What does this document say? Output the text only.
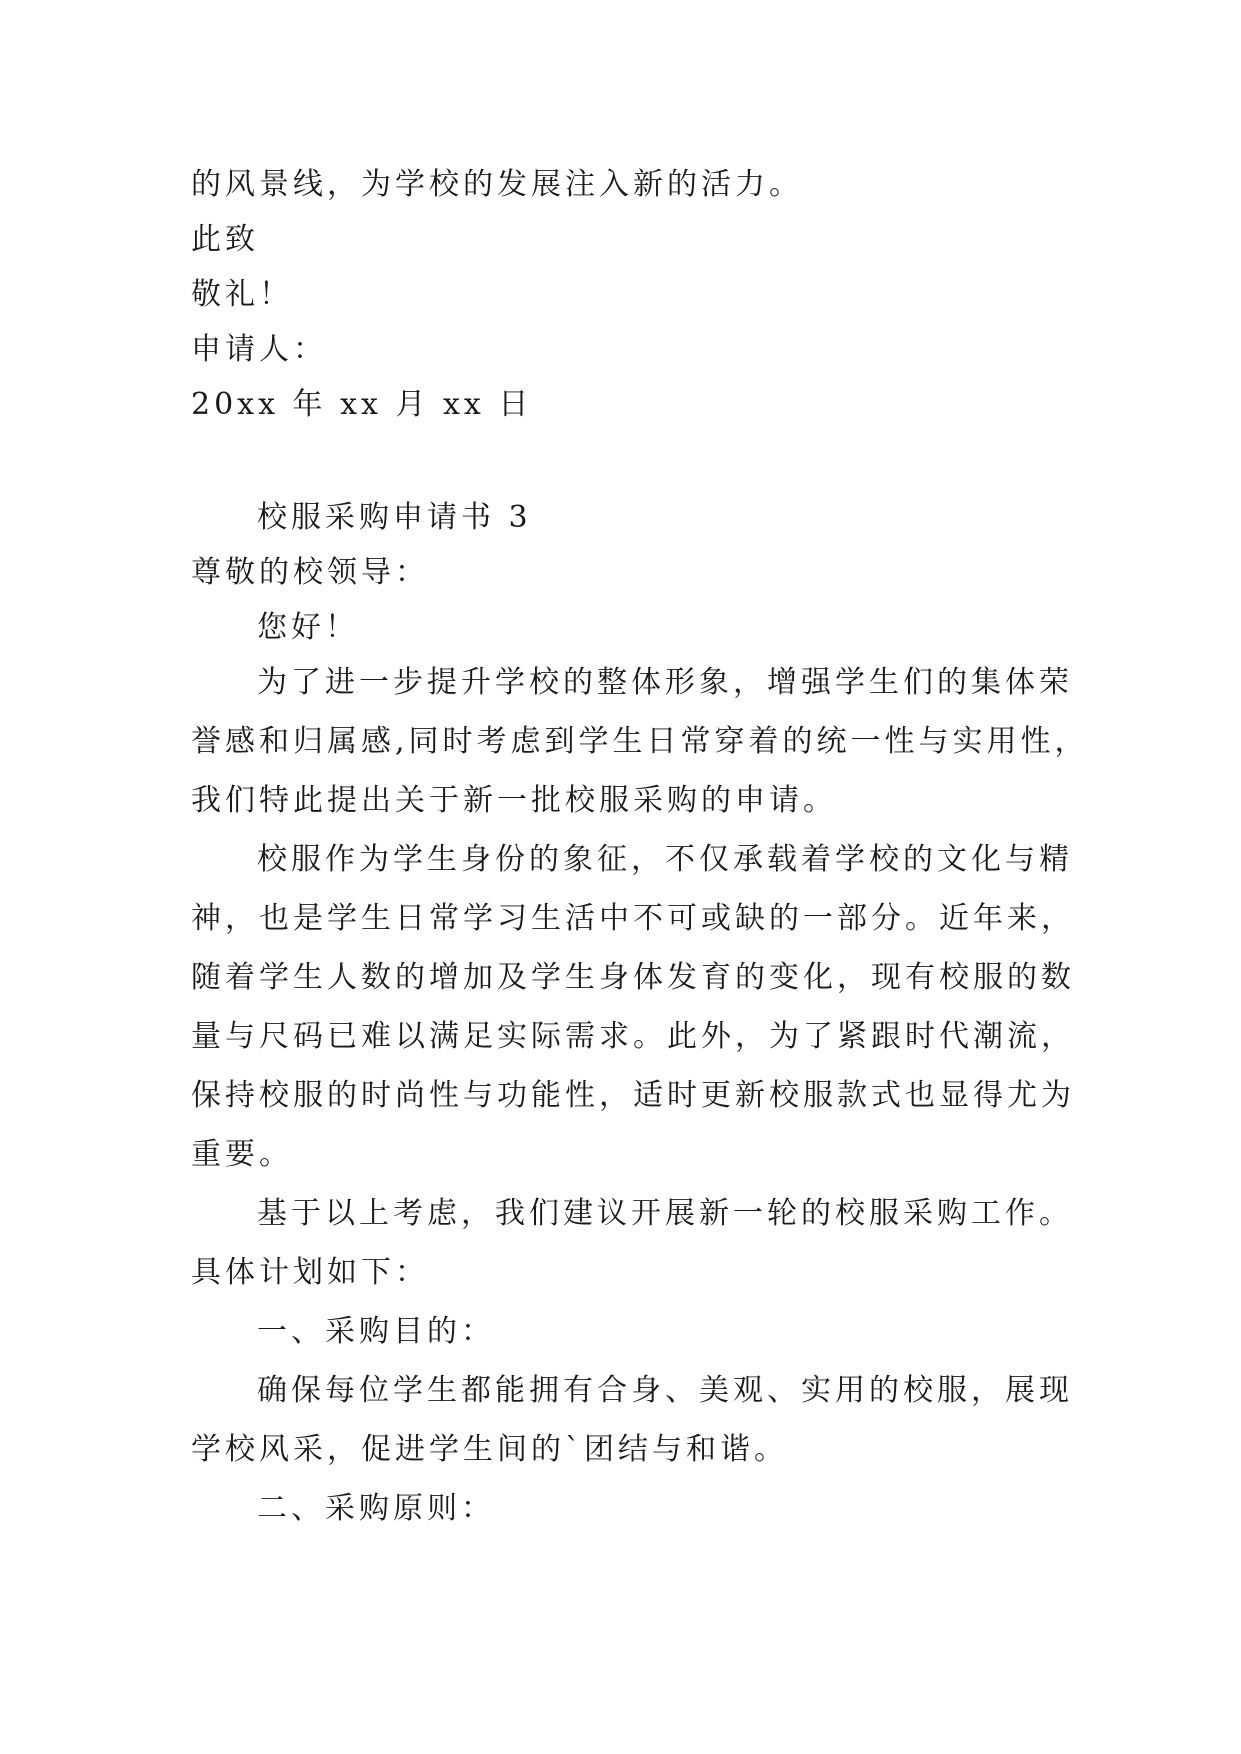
的风景线，为学校的发展注入新的活力。
此致
敬礼！
申请人：
20xx 年 xx 月 xx 日
校服采购申请书 3
尊敬的校领导：
您好！
为了进一步提升学校的整体形象，增强学生们的集体荣
誉感和归属感,同时考虑到学生日常穿着的统一性与实用性，
我们特此提出关于新一批校服采购的申请。
校服作为学生身份的象征，不仅承载着学校的文化与精
神，也是学生日常学习生活中不可或缺的一部分。近年来，
随着学生人数的增加及学生身体发育的变化，现有校服的数
量与尺码已难以满足实际需求。此外，为了紧跟时代潮流，
保持校服的时尚性与功能性，适时更新校服款式也显得尤为
重要。
基于以上考虑，我们建议开展新一轮的校服采购工作。
具体计划如下：
一、采购目的：
确保每位学生都能拥有合身、美观、实用的校服，展现
学校风采，促进学生间的`团结与和谐。
二、采购原则：
